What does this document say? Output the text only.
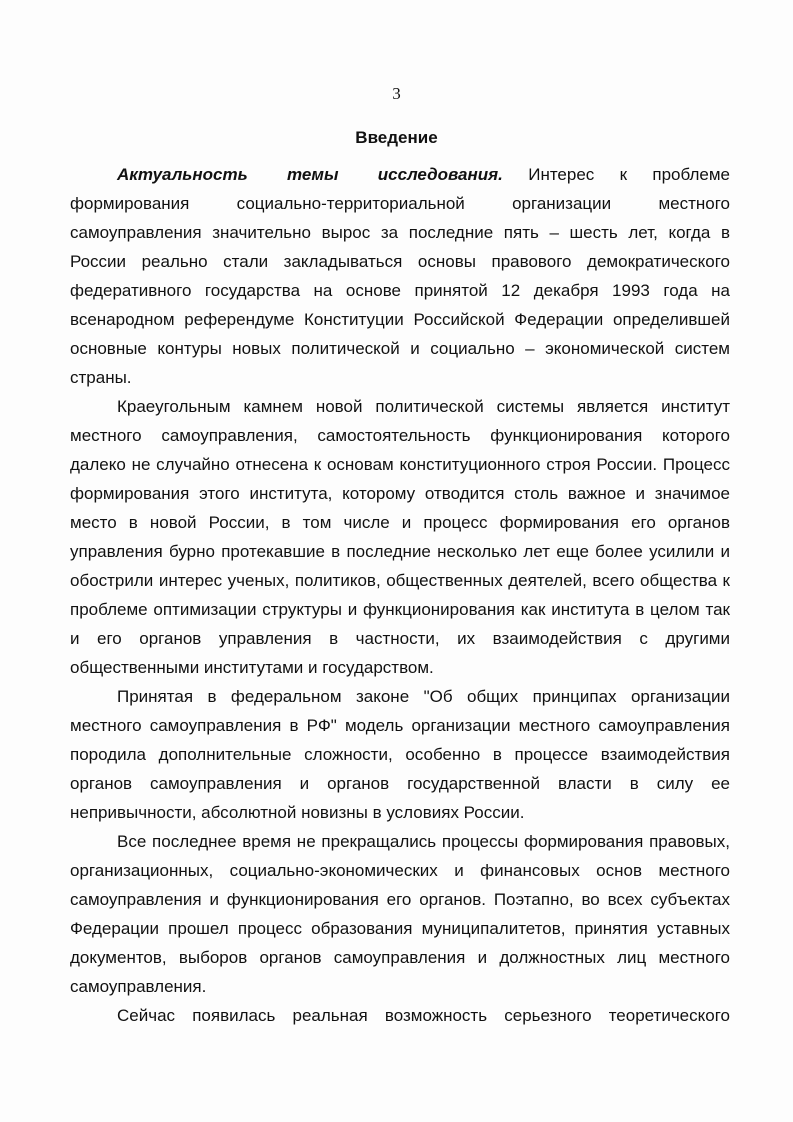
3
Введение

Актуальность темы исследования. Интерес к проблеме формирования социально-территориальной организации местного самоуправления значительно вырос за последние пять – шесть лет, когда в России реально стали закладываться основы правового демократического федеративного государства на основе принятой 12 декабря 1993 года на всенародном референдуме Конституции Российской Федерации определившей основные контуры новых политической и социально – экономической систем страны.

Краеугольным камнем новой политической системы является институт местного самоуправления, самостоятельность функционирования которого далеко не случайно отнесена к основам конституционного строя России. Процесс формирования этого института, которому отводится столь важное и значимое место в новой России, в том числе и процесс формирования его органов управления бурно протекавшие в последние несколько лет еще более усилили и обострили интерес ученых, политиков, общественных деятелей, всего общества к проблеме оптимизации структуры и функционирования как института в целом так и его органов управления в частности, их взаимодействия с другими общественными институтами и государством.

Принятая в федеральном законе "Об общих принципах организации местного самоуправления в РФ" модель организации местного самоуправления породила дополнительные сложности, особенно в процессе взаимодействия органов самоуправления и органов государственной власти в силу ее непривычности, абсолютной новизны в условиях России.

Все последнее время не прекращались процессы формирования правовых, организационных, социально-экономических и финансовых основ местного самоуправления и функционирования его органов. Поэтапно, во всех субъектах Федерации прошел процесс образования муниципалитетов, принятия уставных документов, выборов органов самоуправления и должностных лиц местного самоуправления.

Сейчас появилась реальная возможность серьезного теоретического
